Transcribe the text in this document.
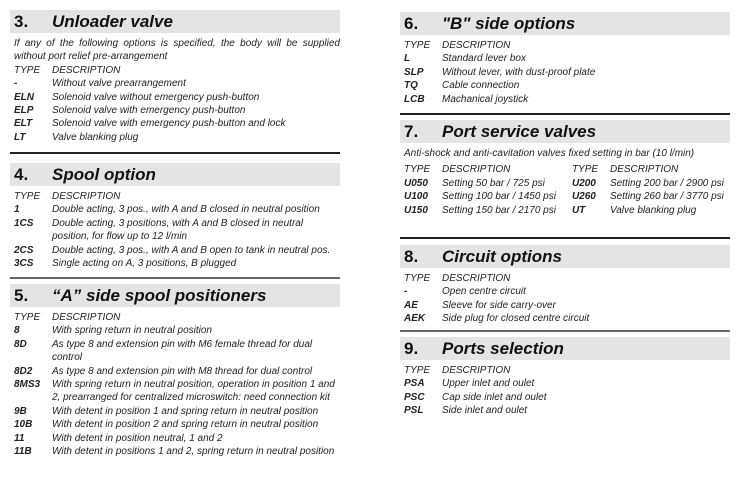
3.	Unloader valve
If any of the following options is specified, the body will be supplied without port relief pre-arrangement
TYPE	DESCRIPTION
-	Without valve prearrangement
ELN	Solenoid valve without emergency push-button
ELP	Solenoid valve with emergency push-button
ELT	Solenoid valve with emergency push-button and lock
LT	Valve blanking plug
4.	Spool option
TYPE	DESCRIPTION
1	Double acting, 3 pos., with A and B closed in neutral position
1CS	Double acting, 3 positions, with A and B closed in neutral position, for flow up to 12 l/min
2CS	Double acting, 3 pos., with A and B open to tank in neutral pos.
3CS	Single acting on A, 3 positions, B plugged
5.	“A” side spool positioners
TYPE	DESCRIPTION
8	With spring return in neutral position
8D	As type 8 and extension pin with M6 female thread for dual control
8D2	As type 8 and extension pin with M8 thread for dual control
8MS3	With spring return in neutral position, operation in position 1 and 2, prearranged for centralized microswitch: need connection kit
9B	With detent in position 1 and spring return in neutral position
10B	With detent in position 2 and spring return in neutral position
11	With detent in position neutral, 1 and 2
11B	With detent in positions 1 and 2, spring return in neutral position
6.	"B" side options
TYPE	DESCRIPTION
L	Standard lever box
SLP	Without lever, with dust-proof plate
TQ	Cable connection
LCB	Machanical joystick
7.	Port service valves
Anti-shock and anti-cavitation valves fixed setting in bar (10 l/min)
TYPE	DESCRIPTION
U050	Setting 50 bar / 725 psi
U100	Setting 100 bar / 1450 psi
U150	Setting 150 bar / 2170 psi
TYPE	DESCRIPTION
U200	Setting 200 bar / 2900 psi
U260	Setting 260 bar / 3770 psi
UT	Valve blanking plug
8.	Circuit options
TYPE	DESCRIPTION
-	Open centre circuit
AE	Sleeve for side carry-over
AEK	Side plug for closed centre circuit
9.	Ports selection
TYPE	DESCRIPTION
PSA	Upper inlet and oulet
PSC	Cap side inlet and oulet
PSL	Side inlet and oulet
